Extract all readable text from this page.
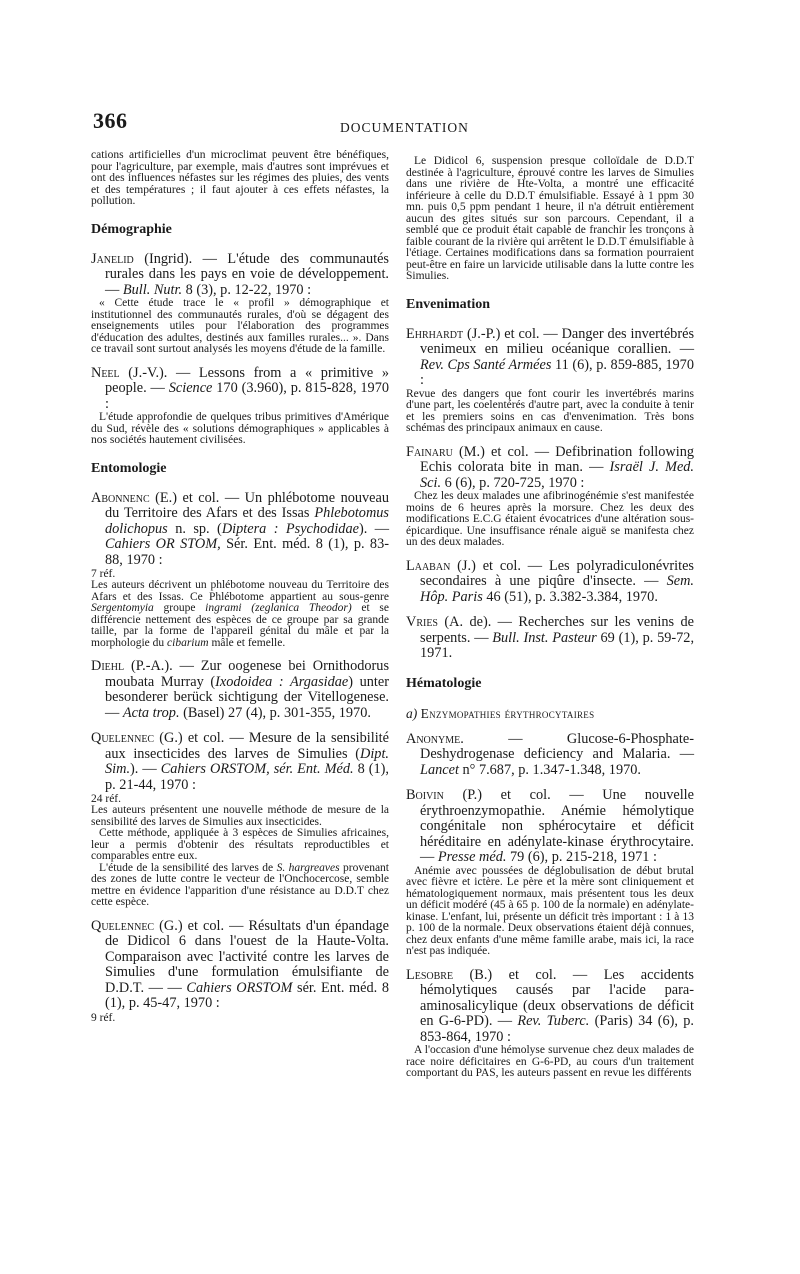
366	DOCUMENTATION

cations artificielles d'un microclimat peuvent être bénéfiques, pour l'agriculture, par exemple, mais d'autres sont imprévues et ont des influences néfastes sur les régimes des pluies, des vents et des températures ; il faut ajouter à ces effets néfastes, la pollution.

Démographie

Janelid (Ingrid). — L'étude des communautés rurales dans les pays en voie de développement. — Bull. Nutr. 8 (3), p. 12-22, 1970 :

« Cette étude trace le « profil » démographique et institutionnel des communautés rurales, d'où se dégagent des enseignements utiles pour l'élaboration des programmes d'éducation des adultes, destinés aux familles rurales... ». Dans ce travail sont surtout analysés les moyens d'étude de la famille.

Neel (J.-V.). — Lessons from a « primitive » people. — Science 170 (3.960), p. 815-828, 1970 :

L'étude approfondie de quelques tribus primitives d'Amérique du Sud, révèle des « solutions démographiques » applicables à nos sociétés hautement civilisées.

Entomologie

Abonnenc (E.) et col. — Un phlébotome nouveau du Territoire des Afars et des Issas Phlebotomus dolichopus n. sp. (Diptera : Psychodidae). — Cahiers OR STOM, Sér. Ent. méd. 8 (1), p. 83-88, 1970 :

7 réf.

Les auteurs décrivent un phlébotome nouveau du Territoire des Afars et des Issas. Ce Phlébotome appartient au sous-genre Sergentomyia groupe ingrami (zeglanica Theodor) et se différencie nettement des espèces de ce groupe par sa grande taille, par la forme de l'appareil génital du mâle et par la morphologie du cibarium mâle et femelle.

Diehl (P.-A.). — Zur oogenese bei Ornithodorus moubata Murray (Ixodoidea : Argasidae) unter besonderer berück sichtigung der Vitellogenese. — Acta trop. (Basel) 27 (4), p. 301-355, 1970.

Quelennec (G.) et col. — Mesure de la sensibilité aux insecticides des larves de Simulies (Dipt. Sim.). — Cahiers ORSTOM, sér. Ent. Méd. 8 (1), p. 21-44, 1970 :

24 réf.

Les auteurs présentent une nouvelle méthode de mesure de la sensibilité des larves de Simulies aux insecticides.

Cette méthode, appliquée à 3 espèces de Simulies africaines, leur a permis d'obtenir des résultats reproductibles et comparables entre eux.

L'étude de la sensibilité des larves de S. hargreaves provenant des zones de lutte contre le vecteur de l'Onchocercose, semble mettre en évidence l'apparition d'une résistance au D.D.T chez cette espèce.

Quelennec (G.) et col. — Résultats d'un épandage de Didicol 6 dans l'ouest de la Haute-Volta. Comparaison avec l'activité contre les larves de Simulies d'une formulation émulsifiante de D.D.T. — — Cahiers ORSTOM sér. Ent. méd. 8 (1), p. 45-47, 1970 :

9 réf.

Le Didicol 6, suspension presque colloïdale de D.D.T destinée à l'agriculture, éprouvé contre les larves de Simulies dans une rivière de Hte-Volta, a montré une efficacité inférieure à celle du D.D.T émulsifiable. Essayé à 1 ppm 30 mn. puis 0,5 ppm pendant 1 heure, il n'a détruit entièrement aucun des gites situés sur son parcours. Cependant, il a semblé que ce produit était capable de franchir les tronçons à faible courant de la rivière qui arrêtent le D.D.T émulsifiable à l'étiage. Certaines modifications dans sa formation pourraient peut-être en faire un larvicide utilisable dans la lutte contre les Simulies.

Envenimation

Ehrhardt (J.-P.) et col. — Danger des invertébrés venimeux en milieu océanique corallien. — Rev. Cps Santé Armées 11 (6), p. 859-885, 1970 :

Revue des dangers que font courir les invertébrés marins d'une part, les coelentérés d'autre part, avec la conduite à tenir et les premiers soins en cas d'envenimation. Très bons schémas des principaux animaux en cause.

Fainaru (M.) et col. — Defibrination following Echis colorata bite in man. — Israël J. Med. Sci. 6 (6), p. 720-725, 1970 :

Chez les deux malades une afibrinogénémie s'est manifestée moins de 6 heures après la morsure. Chez les deux des modifications E.C.G étaient évocatrices d'une altération sous-épicardique. Une insuffisance rénale aiguë se manifesta chez un des deux malades.

Laaban (J.) et col. — Les polyradiculonévrites secondaires à une piqûre d'insecte. — Sem. Hôp. Paris 46 (51), p. 3.382-3.384, 1970.

Vries (A. de). — Recherches sur les venins de serpents. — Bull. Inst. Pasteur 69 (1), p. 59-72, 1971.

Hématologie

a) Enzymopathies érythrocytaires

Anonyme.	— Glucose-6-Phosphate-Deshydrogenase deficiency and Malaria. — Lancet n° 7.687, p. 1.347-1.348, 1970.

Boivin (P.) et col. — Une nouvelle érythroenzymopathie. Anémie hémolytique congénitale non sphérocytaire et déficit héréditaire en adénylate-kinase érythrocytaire. — Presse méd. 79 (6), p. 215-218, 1971 :

Anémie avec poussées de déglobulisation de début brutal avec fièvre et ictère. Le père et la mère sont cliniquement et hématologiquement normaux, mais présentent tous les deux un déficit modéré (45 à 65 p. 100 de la normale) en adénylate-kinase. L'enfant, lui, présente un déficit très important : 1 à 13 p. 100 de la normale. Deux observations étaient déjà connues, chez deux enfants d'une même famille arabe, mais ici, la race n'est pas indiquée.

Lesobre (B.) et col. — Les accidents hémolytiques causés par l'acide para-aminosalicylique (deux observations de déficit en G-6-PD). — Rev. Tuberc. (Paris) 34 (6), p. 853-864, 1970 :

A l'occasion d'une hémolyse survenue chez deux malades de race noire déficitaires en G-6-PD, au cours d'un traitement comportant du PAS, les auteurs passent en revue les différents
